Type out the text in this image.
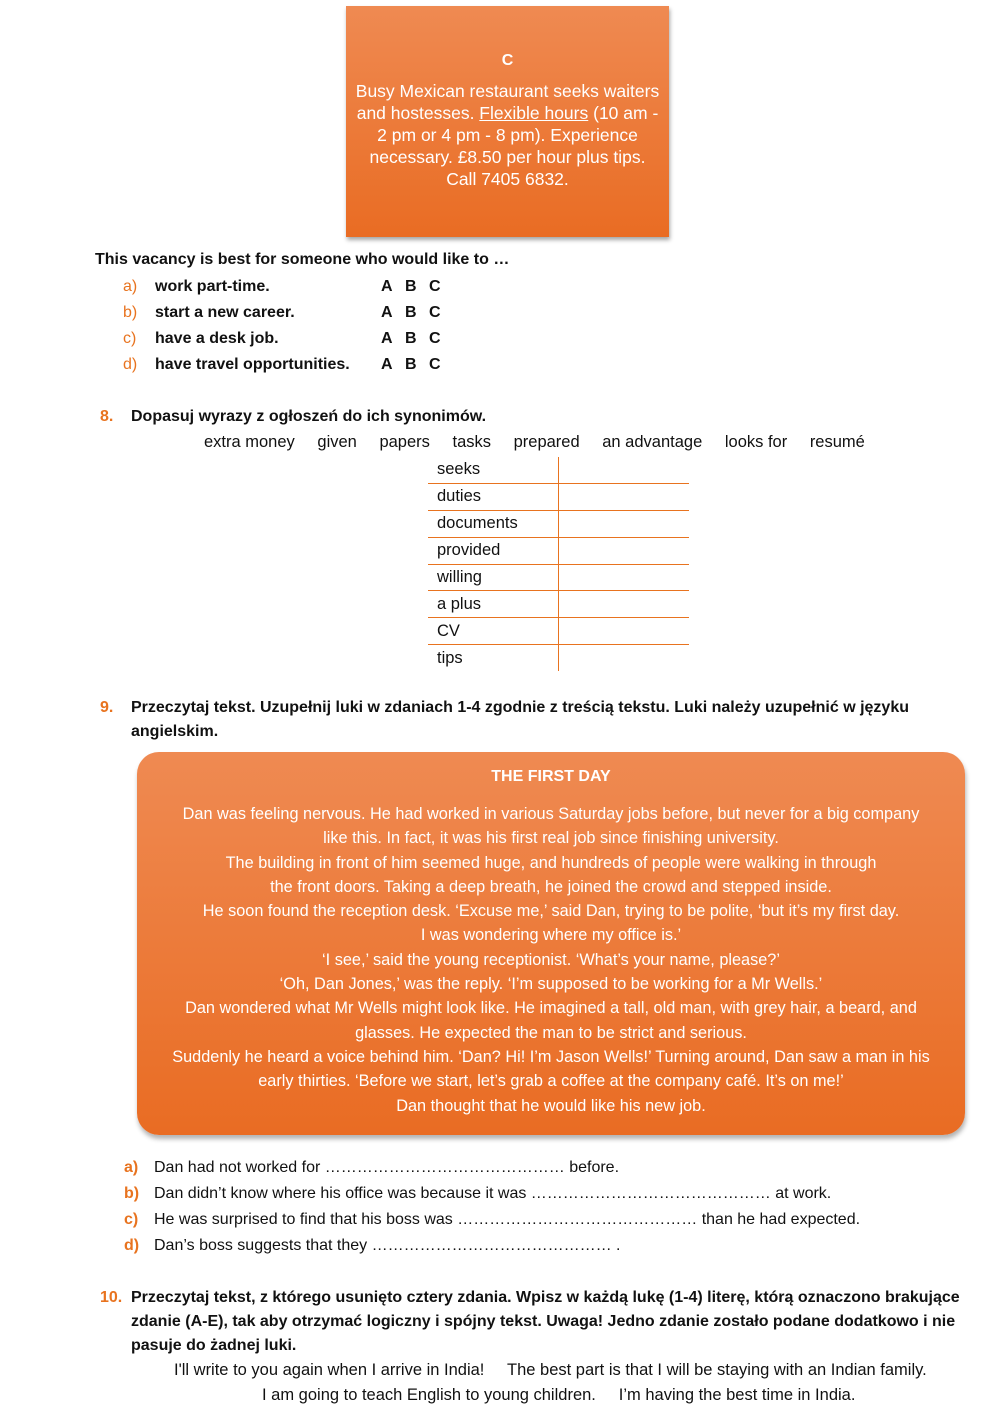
C
Busy Mexican restaurant seeks waiters and hostesses. Flexible hours (10 am - 2 pm or 4 pm - 8 pm). Experience necessary. £8.50 per hour plus tips. Call 7405 6832.
This vacancy is best for someone who would like to …
a) work part-time.	A B C
b) start a new career.	A B C
c) have a desk job.	A B C
d) have travel opportunities. A B C
8. Dopasuj wyrazy z ogłoszeń do ich synonimów.
extra money given papers tasks prepared an advantage looks for resumé
seeks	
duties	
documents	
provided	
willing	
a plus	
CV	
tips	
9. Przeczytaj tekst. Uzupełnij luki w zdaniach 1-4 zgodnie z treścią tekstu. Luki należy uzupełnić w języku
angielskim.
THE FIRST DAY
Dan was feeling nervous. He had worked in various Saturday jobs before, but never for a big company
like this. In fact, it was his first real job since finishing university.
The building in front of him seemed huge, and hundreds of people were walking in through
the front doors. Taking a deep breath, he joined the crowd and stepped inside.
He soon found the reception desk. ‘Excuse me,’ said Dan, trying to be polite, ‘but it’s my first day.
I was wondering where my office is.’
‘I see,’ said the young receptionist. ‘What’s your name, please?’
‘Oh, Dan Jones,’ was the reply. ‘I’m supposed to be working for a Mr Wells.’
Dan wondered what Mr Wells might look like. He imagined a tall, old man, with grey hair, a beard, and
glasses. He expected the man to be strict and serious.
Suddenly he heard a voice behind him. ‘Dan? Hi! I’m Jason Wells!’ Turning around, Dan saw a man in his
early thirties. ‘Before we start, let’s grab a coffee at the company café. It’s on me!’
Dan thought that he would like his new job.
a) Dan had not worked for ……………………………………… before.
b) Dan didn’t know where his office was because it was ……………………………………… at work.
c) He was surprised to find that his boss was ……………………………………… than he had expected.
d) Dan’s boss suggests that they ……………………………………… .
10. Przeczytaj tekst, z którego usunięto cztery zdania. Wpisz w każdą lukę (1-4) literę, którą oznaczono brakujące
zdanie (A-E), tak aby otrzymać logiczny i spójny tekst. Uwaga! Jedno zdanie zostało podane dodatkowo i nie
pasuje do żadnej luki.
I'll write to you again when I arrive in India!     The best part is that I will be staying with an Indian family.
I am going to teach English to young children.     I’m having the best time in India.
